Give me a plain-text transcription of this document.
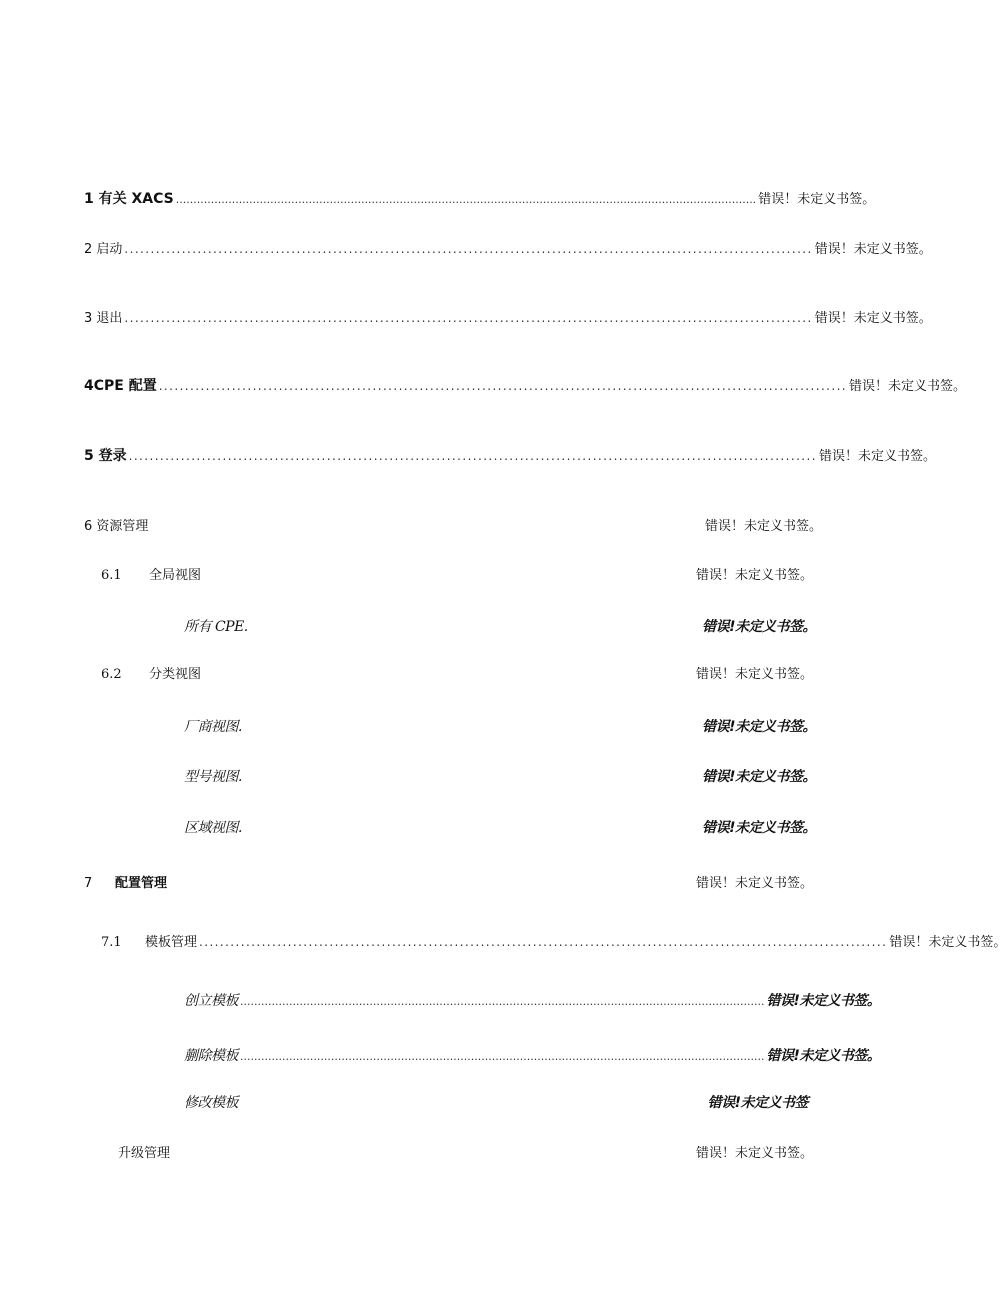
1 有关 XACS ...................................................................................................................................................................... 错误！未定义书签。
2 启动 .................................................................................................................................... 错误！未定义书签。
3 退出 .................................................................................................................................... 错误！未定义书签。
4CPE 配置 .................................................................................................................................... 错误！未定义书签。
5 登录 .................................................................................................................................... 错误！未定义书签。
6 资源管理	错误！未定义书签。
6.1 全局视图	错误！未定义书签。
所有 CPE.	错误!未定义书签。
6.2 分类视图	错误！未定义书签。
厂商视图.	错误!未定义书签。
型号视图.	错误!未定义书签。
区域视图.	错误!未定义书签。
7 配置管理	错误！未定义书签。
7.1 模板管理 .................................................................................................................................... 错误！未定义书签。
创立模板 ...................................................................................................................................................... 错误!未定义书签。
蒯除模板 ...................................................................................................................................................... 错误!未定义书签。
修改模板	错误!未定义书签
升级管理	错误！未定义书签。
